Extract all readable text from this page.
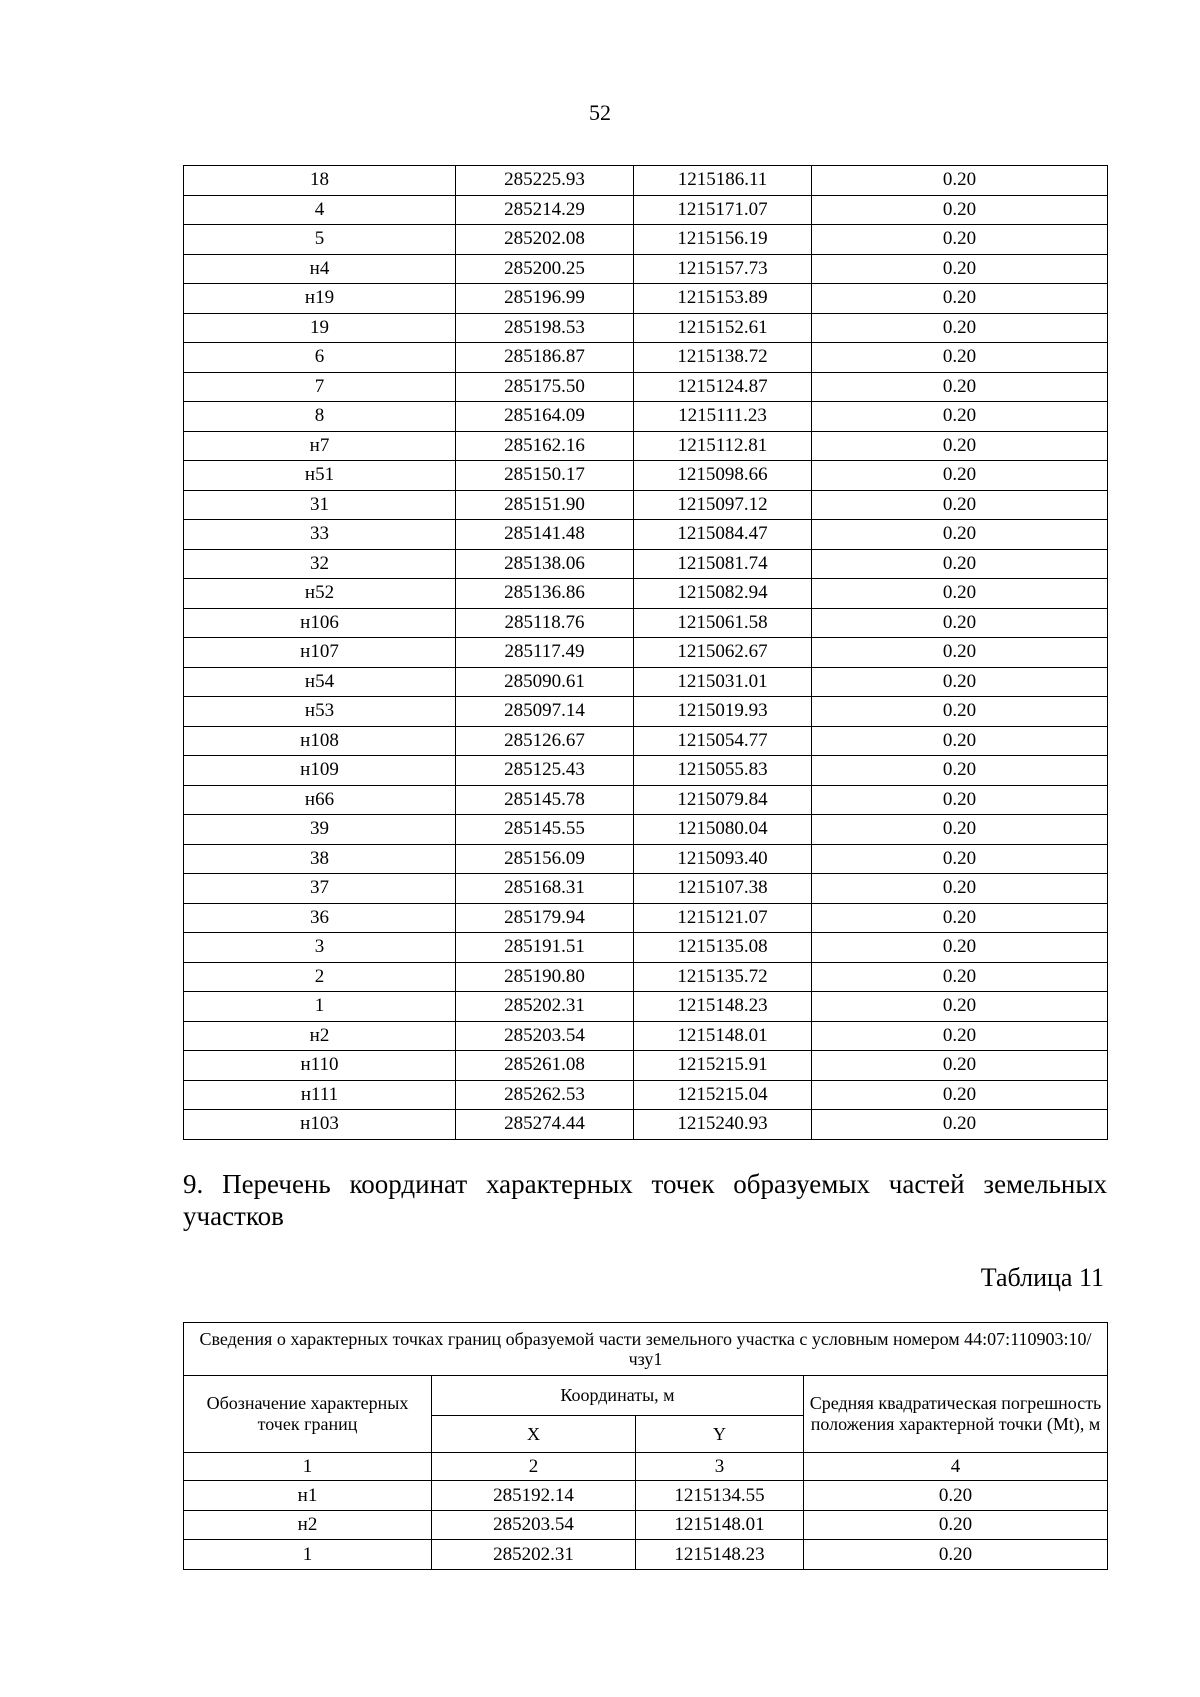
52
18	285225.93	1215186.11	0.20
4	285214.29	1215171.07	0.20
5	285202.08	1215156.19	0.20
н4	285200.25	1215157.73	0.20
н19	285196.99	1215153.89	0.20
19	285198.53	1215152.61	0.20
6	285186.87	1215138.72	0.20
7	285175.50	1215124.87	0.20
8	285164.09	1215111.23	0.20
н7	285162.16	1215112.81	0.20
н51	285150.17	1215098.66	0.20
31	285151.90	1215097.12	0.20
33	285141.48	1215084.47	0.20
32	285138.06	1215081.74	0.20
н52	285136.86	1215082.94	0.20
н106	285118.76	1215061.58	0.20
н107	285117.49	1215062.67	0.20
н54	285090.61	1215031.01	0.20
н53	285097.14	1215019.93	0.20
н108	285126.67	1215054.77	0.20
н109	285125.43	1215055.83	0.20
н66	285145.78	1215079.84	0.20
39	285145.55	1215080.04	0.20
38	285156.09	1215093.40	0.20
37	285168.31	1215107.38	0.20
36	285179.94	1215121.07	0.20
3	285191.51	1215135.08	0.20
2	285190.80	1215135.72	0.20
1	285202.31	1215148.23	0.20
н2	285203.54	1215148.01	0.20
н110	285261.08	1215215.91	0.20
н111	285262.53	1215215.04	0.20
н103	285274.44	1215240.93	0.20
9. Перечень координат характерных точек образуемых частей земельных участков
Таблица 11
Сведения о характерных точках границ образуемой части земельного участка с условным номером 44:07:110903:10/чзу1			
Обозначение характерных точек границ	Координаты, м		Средняя квадратическая погрешность положения характерной точки (Mt), м
	X	Y	
1	2	3	4
н1	285192.14	1215134.55	0.20
н2	285203.54	1215148.01	0.20
1	285202.31	1215148.23	0.20
